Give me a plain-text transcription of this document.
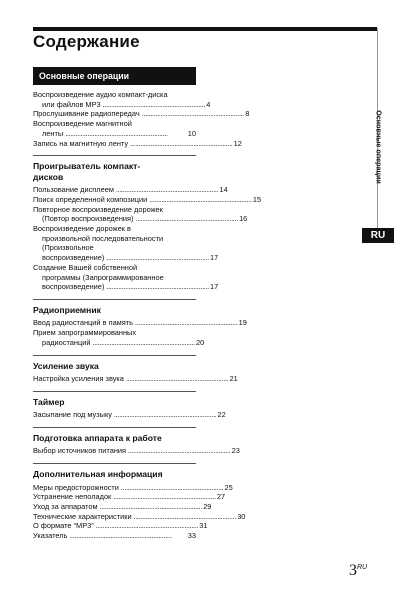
Содержание
Основные операции
RU
Основные операции
Воспроизведение аудио компакт-диска
или файлов MP3 . . .	4
Прослушивание радиопередач . . .	8
Воспроизведение магнитной
ленты . . .	10
Запись на магнитную ленту . . .	12
Проигрыватель компакт-
дисков
Пользование дисплеем . . .	14
Поиск определенной композиции . . .	15
Повторное воспроизведение дорожек
(Повтор воспроизведения) . . .	16
Воспроизведение дорожек в
произвольной последовательности
(Произвольное
воспроизведение) . . .	17
Создание Вашей собственной
программы (Запрограммированное
воспроизведение) . . .	17
Радиоприемник
Ввод радиостанций в память . . .	19
Прием запрограммированных
радиостанций . . .	20
Усиление звука
Настройка усиления звука . . .	21
Таймер
Засыпание под музыку . . .	22
Подготовка аппарата к работе
Выбор источников питания . . .	23
Дополнительная информация
Меры предосторожности . . .	25
Устранение неполадок . . .	27
Уход за аппаратом . . .	29
Технические характеристики . . .	30
О формате “MP3” . . .	31
Указатель . . .	33
$3^{RU}$
